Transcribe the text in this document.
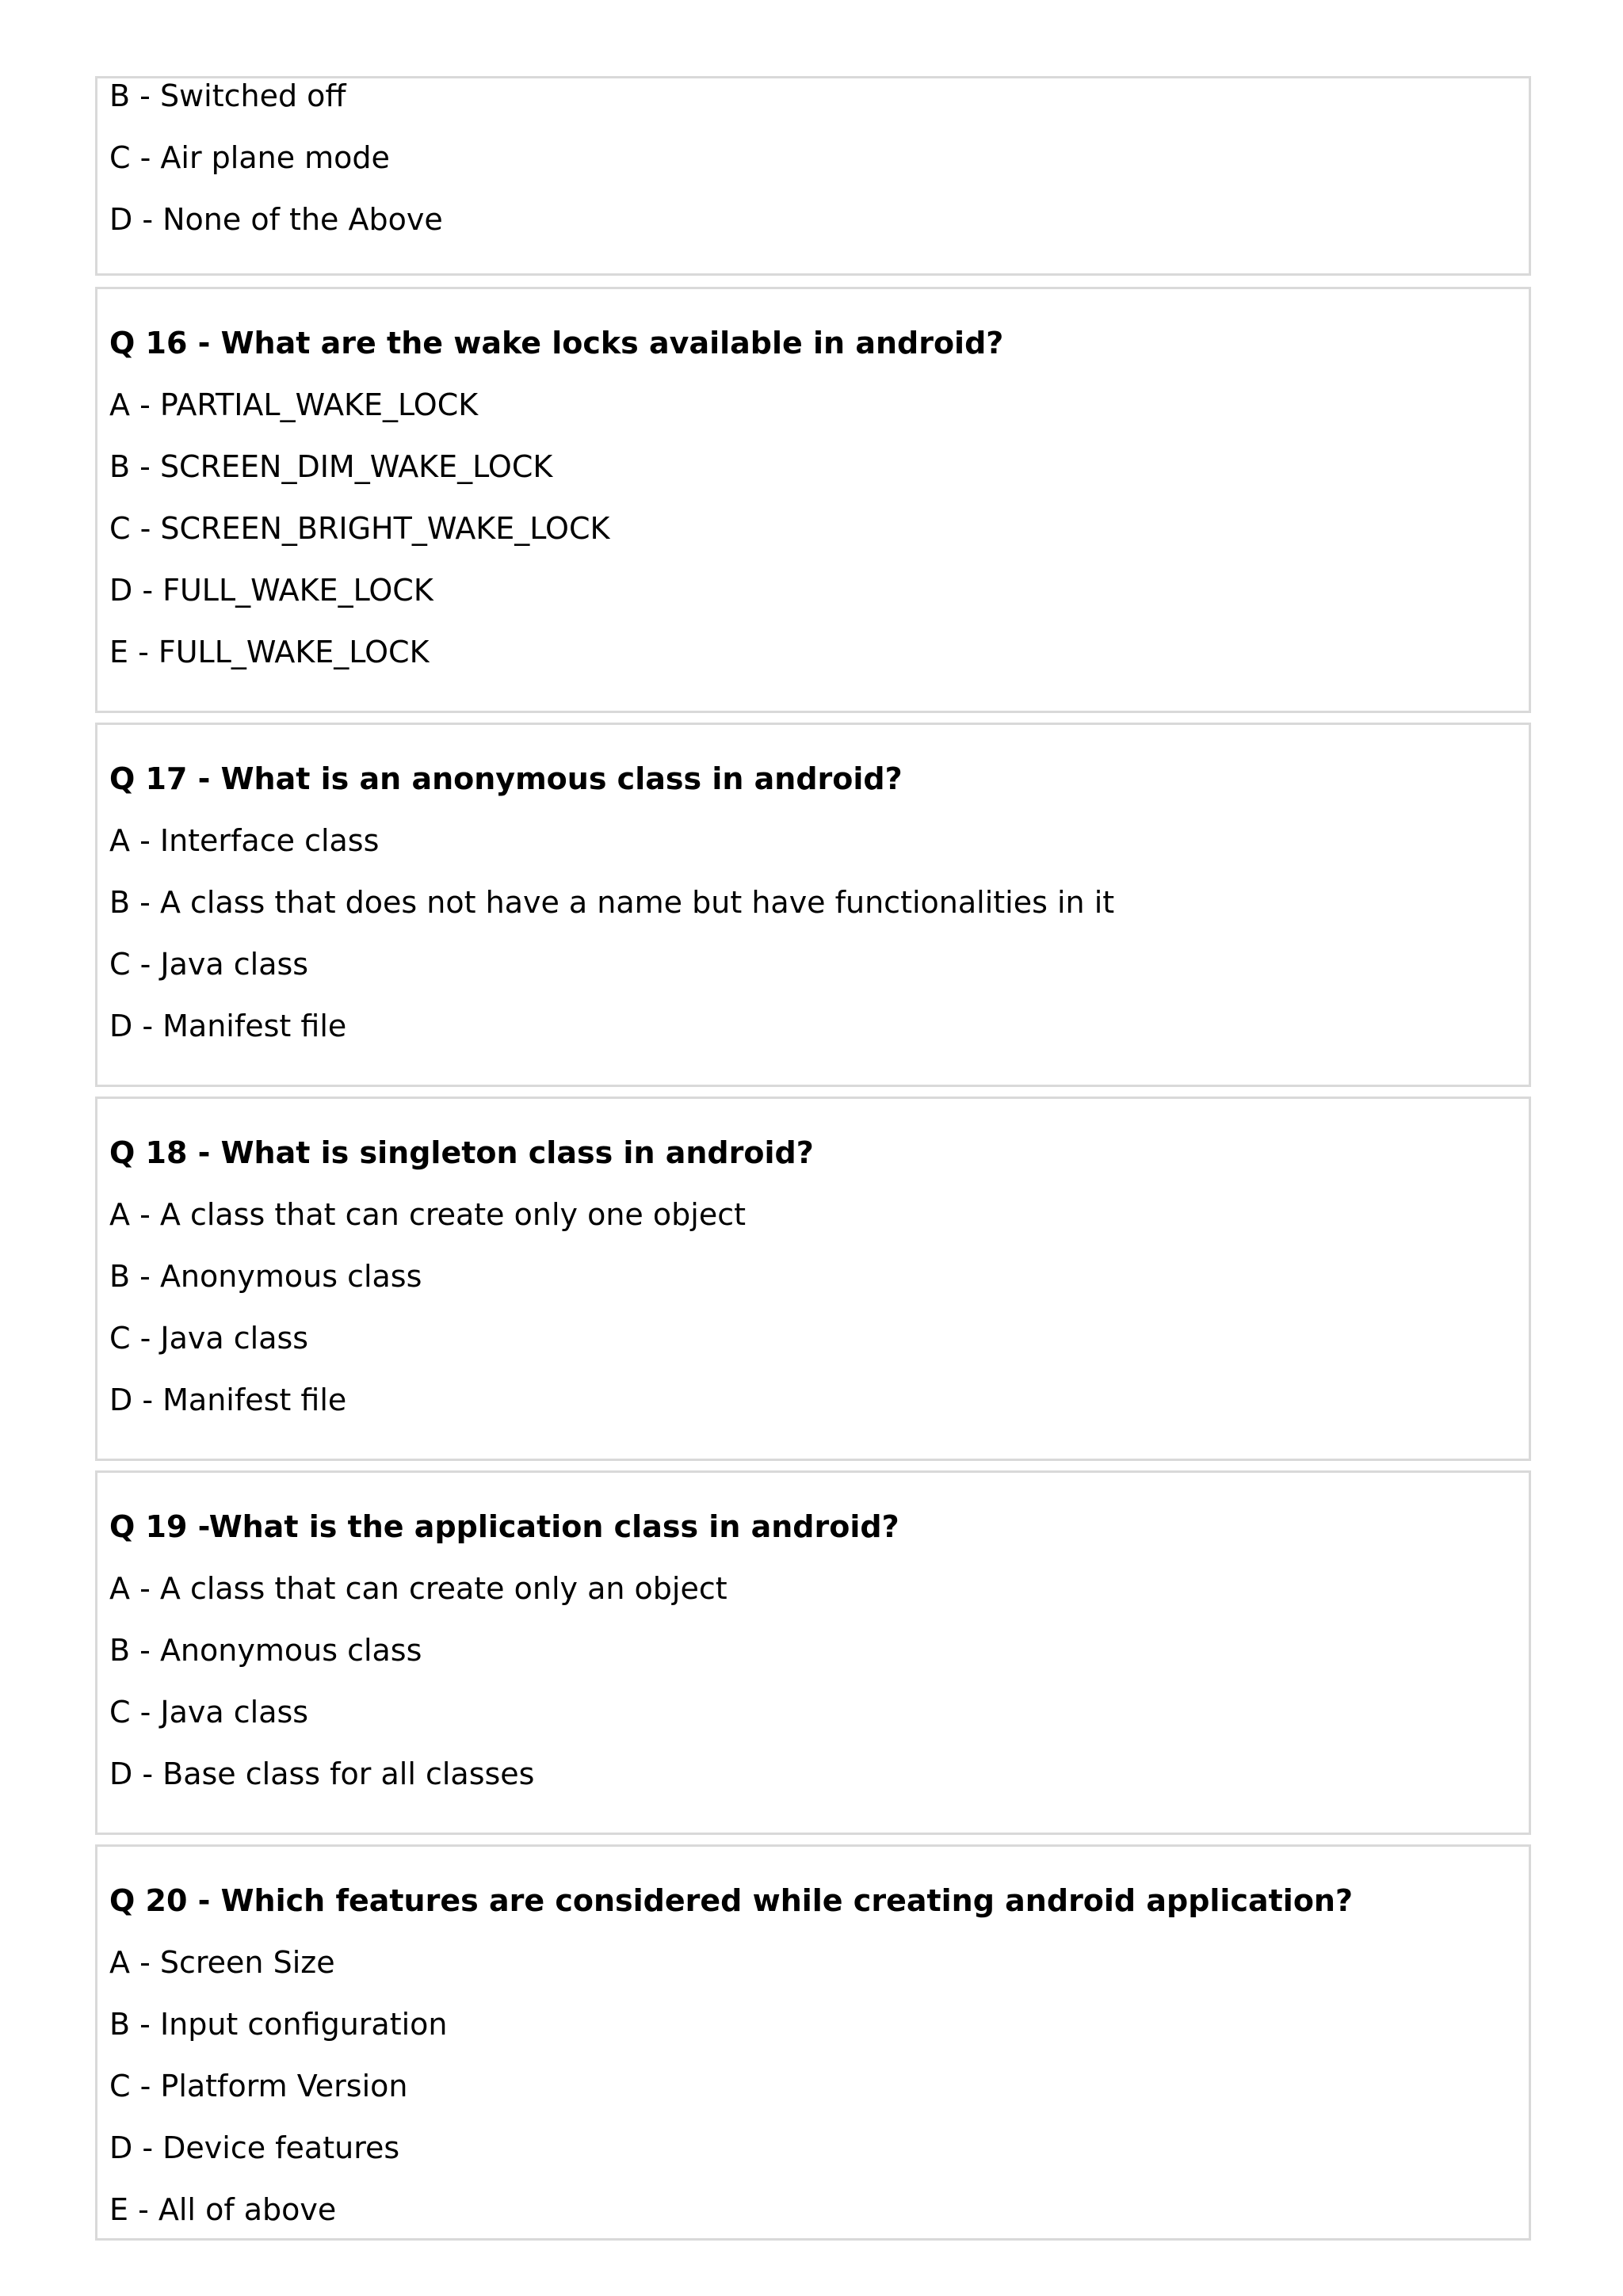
B - Switched off
C - Air plane mode
D - None of the Above
Q 16 - What are the wake locks available in android?
A - PARTIAL_WAKE_LOCK
B - SCREEN_DIM_WAKE_LOCK
C - SCREEN_BRIGHT_WAKE_LOCK
D - FULL_WAKE_LOCK
E - FULL_WAKE_LOCK
Q 17 - What is an anonymous class in android?
A - Interface class
B - A class that does not have a name but have functionalities in it
C - Java class
D - Manifest file
Q 18 - What is singleton class in android?
A - A class that can create only one object
B - Anonymous class
C - Java class
D - Manifest file
Q 19 -What is the application class in android?
A - A class that can create only an object
B - Anonymous class
C - Java class
D - Base class for all classes
Q 20 - Which features are considered while creating android application?
A - Screen Size
B - Input configuration
C - Platform Version
D - Device features
E - All of above
